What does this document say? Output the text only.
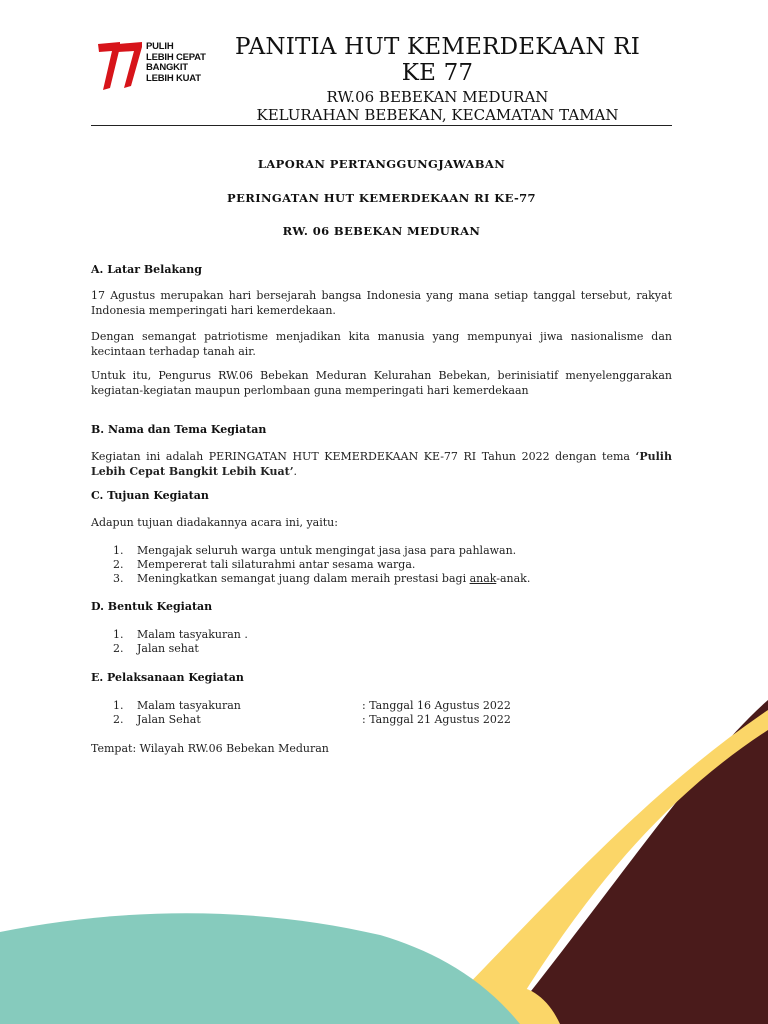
PULIH
LEBIH CEPAT
BANGKIT
LEBIH KUAT
PANITIA HUT KEMERDEKAAN RI
KE 77
RW.06 BEBEKAN MEDURAN
KELURAHAN BEBEKAN, KECAMATAN TAMAN
LAPORAN PERTANGGUNGJAWABAN
PERINGATAN HUT KEMERDEKAAN RI KE-77
RW. 06 BEBEKAN MEDURAN
A. Latar Belakang

17 Agustus merupakan hari bersejarah bangsa Indonesia yang mana setiap tanggal tersebut, rakyat Indonesia memperingati hari kemerdekaan.

Dengan semangat patriotisme menjadikan kita manusia yang mempunyai jiwa nasionalisme dan kecintaan terhadap tanah air.

Untuk itu, Pengurus RW.06 Bebekan Meduran Kelurahan Bebekan, berinisiatif menyelenggarakan kegiatan-kegiatan maupun perlombaan guna memperingati hari kemerdekaan

B. Nama dan Tema Kegiatan

Kegiatan ini adalah PERINGATAN HUT KEMERDEKAAN KE-77 RI Tahun 2022 dengan tema ‘Pulih Lebih Cepat Bangkit Lebih Kuat’.

C. Tujuan Kegiatan
Adapun tujuan diadakannya acara ini, yaitu:
1. Mengajak seluruh warga untuk mengingat jasa jasa para pahlawan.
2. Mempererat tali silaturahmi antar sesama warga.
3. Meningkatkan semangat juang dalam meraih prestasi bagi anak-anak.
D. Bentuk Kegiatan
1. Malam tasyakuran .
2. Jalan sehat
E. Pelaksanaan Kegiatan
1. Malam tasyakuran	: Tanggal 16 Agustus 2022
2. Jalan Sehat	: Tanggal 21 Agustus 2022
Tempat: Wilayah RW.06 Bebekan Meduran
